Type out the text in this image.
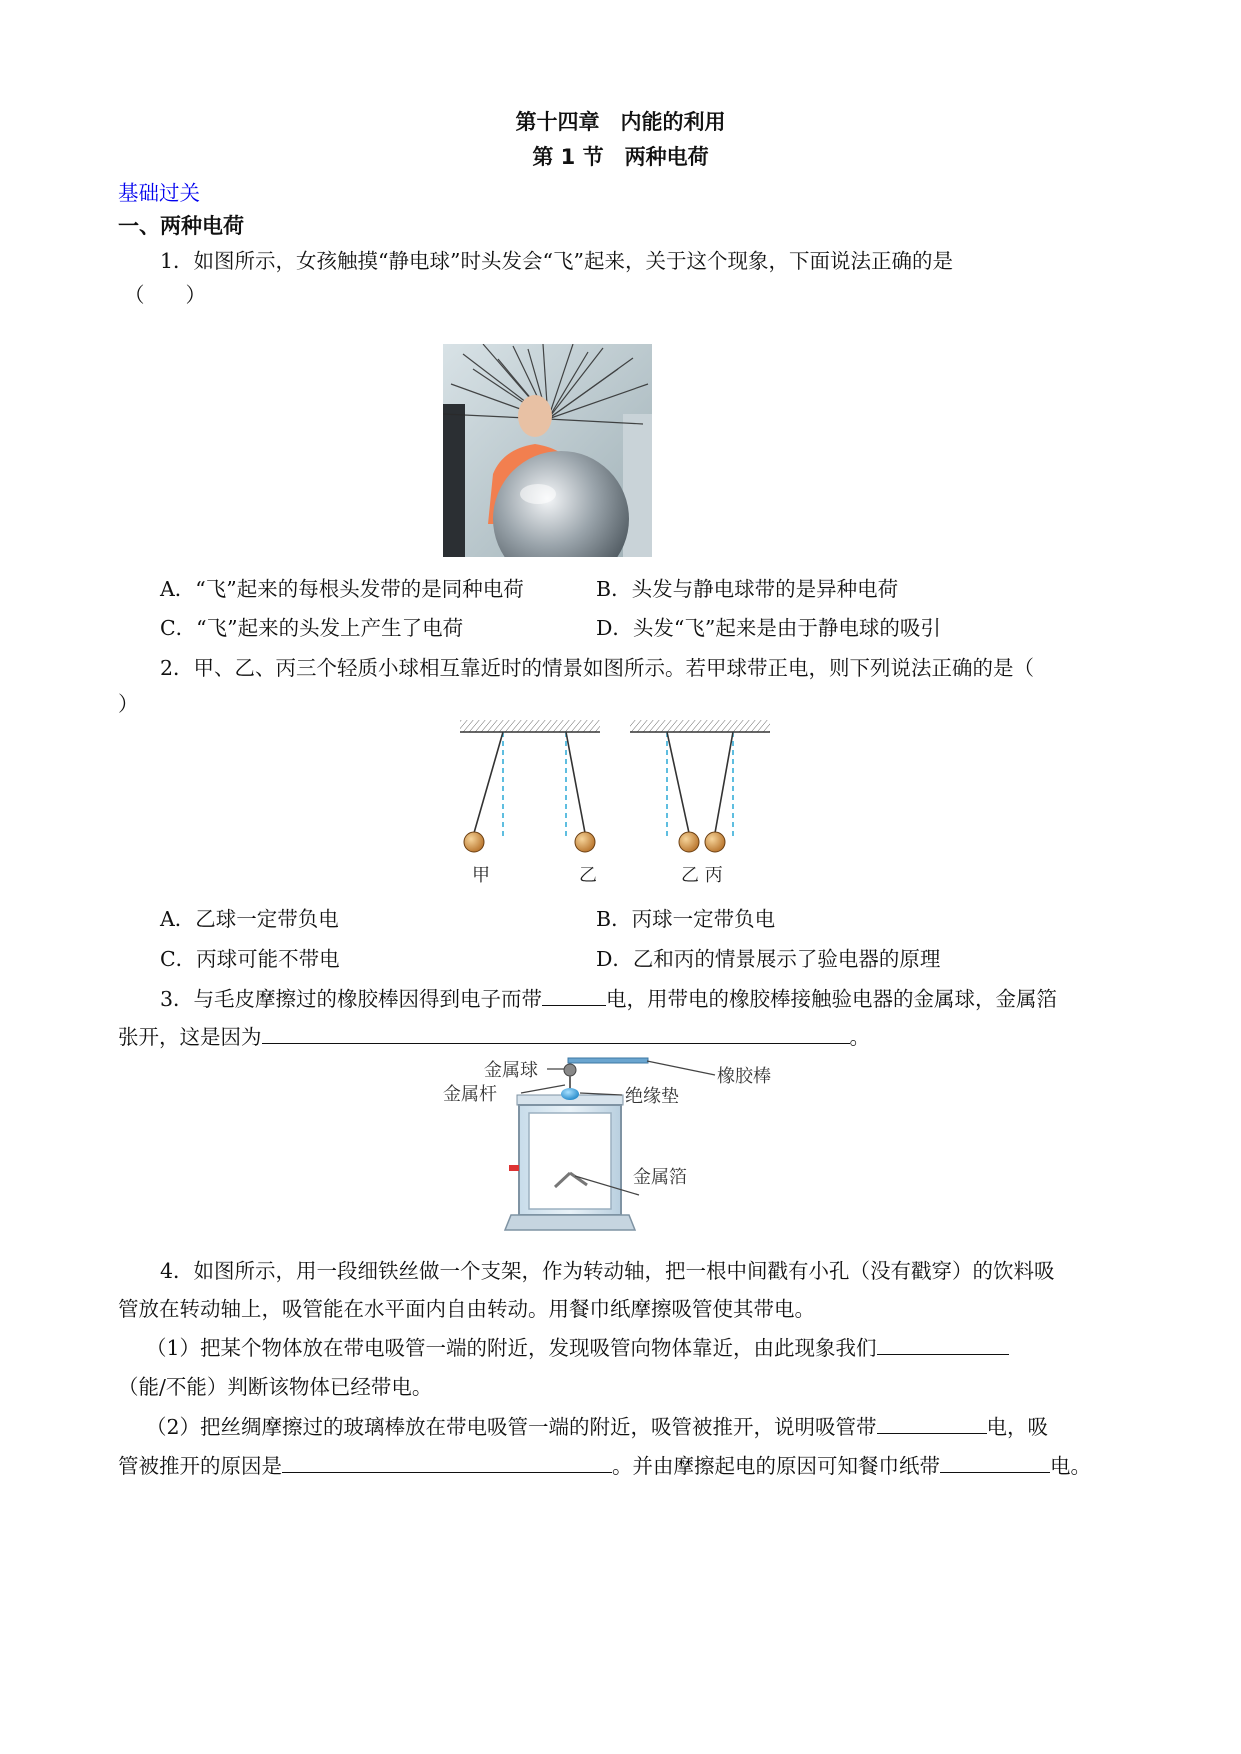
第十四章　内能的利用
第 1 节　两种电荷
基础过关
一、两种电荷
1．如图所示，女孩触摸“静电球”时头发会“飞”起来，关于这个现象，下面说法正确的是
（　　）
A．“飞”起来的每根头发带的是同种电荷	B．头发与静电球带的是异种电荷
C．“飞”起来的头发上产生了电荷	D．头发“飞”起来是由于静电球的吸引
2．甲、乙、丙三个轻质小球相互靠近时的情景如图所示。若甲球带正电，则下列说法正确的是（
）
甲	乙	乙 丙
A．乙球一定带负电	B．丙球一定带负电
C．丙球可能不带电	D．乙和丙的情景展示了验电器的原理
3．与毛皮摩擦过的橡胶棒因得到电子而带	电，用带电的橡胶棒接触验电器的金属球，金属箔
张开，这是因为	。
金属球
金属杆
橡胶棒
绝缘垫
金属箔
4．如图所示，用一段细铁丝做一个支架，作为转动轴，把一根中间戳有小孔（没有戳穿）的饮料吸
管放在转动轴上，吸管能在水平面内自由转动。用餐巾纸摩擦吸管使其带电。
（1）把某个物体放在带电吸管一端的附近，发现吸管向物体靠近，由此现象我们
（能/不能）判断该物体已经带电。
（2）把丝绸摩擦过的玻璃棒放在带电吸管一端的附近，吸管被推开，说明吸管带	电，吸
管被推开的原因是	。并由摩擦起电的原因可知餐巾纸带	电。
